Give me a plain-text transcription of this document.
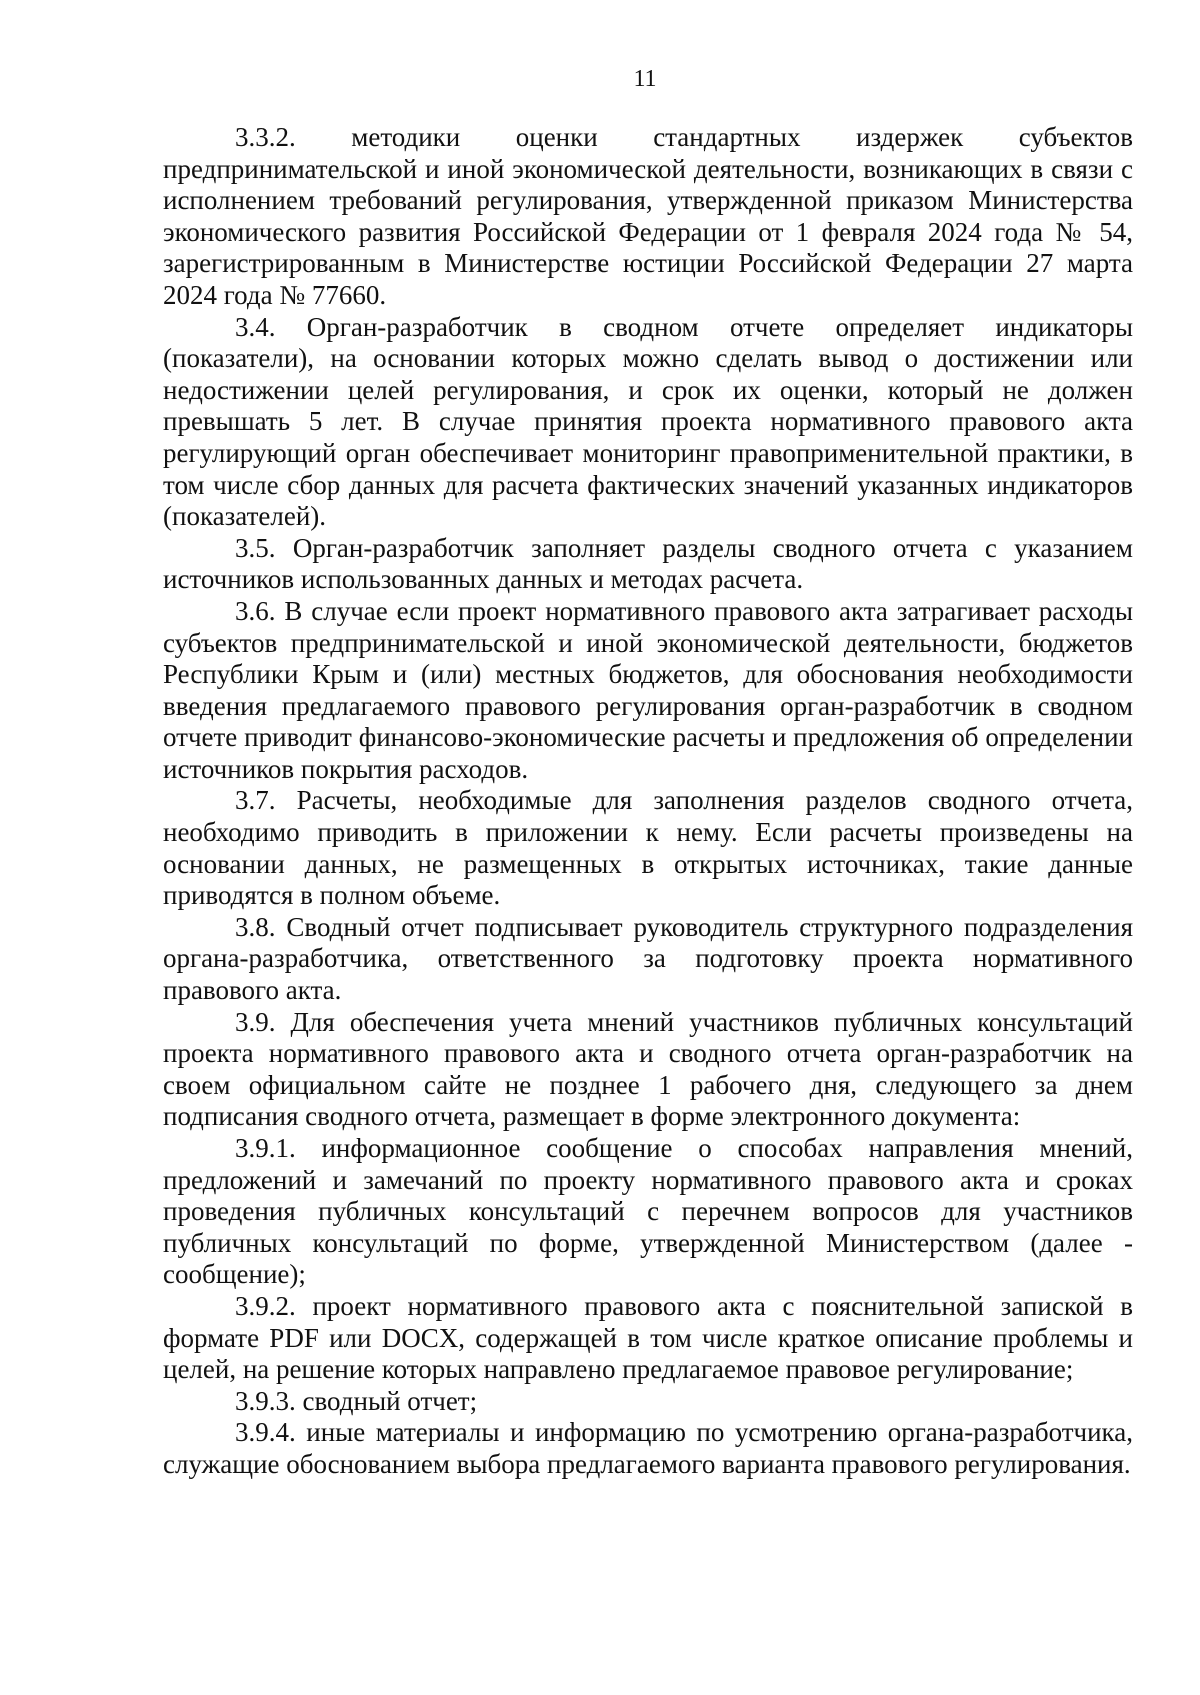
11

3.3.2. методики оценки стандартных издержек субъектов предпринимательской и иной экономической деятельности, возникающих в связи с исполнением требований регулирования, утвержденной приказом Министерства экономического развития Российской Федерации от 1 февраля 2024 года № 54, зарегистрированным в Министерстве юстиции Российской Федерации 27 марта 2024 года № 77660.

3.4. Орган-разработчик в сводном отчете определяет индикаторы (показатели), на основании которых можно сделать вывод о достижении или недостижении целей регулирования, и срок их оценки, который не должен превышать 5 лет. В случае принятия проекта нормативного правового акта регулирующий орган обеспечивает мониторинг правоприменительной практики, в том числе сбор данных для расчета фактических значений указанных индикаторов (показателей).

3.5. Орган-разработчик заполняет разделы сводного отчета с указанием источников использованных данных и методах расчета.

3.6. В случае если проект нормативного правового акта затрагивает расходы субъектов предпринимательской и иной экономической деятельности, бюджетов Республики Крым и (или) местных бюджетов, для обоснования необходимости введения предлагаемого правового регулирования орган-разработчик в сводном отчете приводит финансово-экономические расчеты и предложения об определении источников покрытия расходов.

3.7. Расчеты, необходимые для заполнения разделов сводного отчета, необходимо приводить в приложении к нему. Если расчеты произведены на основании данных, не размещенных в открытых источниках, такие данные приводятся в полном объеме.

3.8. Сводный отчет подписывает руководитель структурного подразделения органа-разработчика, ответственного за подготовку проекта нормативного правового акта.

3.9. Для обеспечения учета мнений участников публичных консультаций проекта нормативного правового акта и сводного отчета орган-разработчик на своем официальном сайте не позднее 1 рабочего дня, следующего за днем подписания сводного отчета, размещает в форме электронного документа:

3.9.1. информационное сообщение о способах направления мнений, предложений и замечаний по проекту нормативного правового акта и сроках проведения публичных консультаций с перечнем вопросов для участников публичных консультаций по форме, утвержденной Министерством (далее - сообщение);

3.9.2. проект нормативного правового акта с пояснительной запиской в формате PDF или DOCX, содержащей в том числе краткое описание проблемы и целей, на решение которых направлено предлагаемое правовое регулирование;

3.9.3. сводный отчет;

3.9.4. иные материалы и информацию по усмотрению органа-разработчика, служащие обоснованием выбора предлагаемого варианта правового регулирования.
